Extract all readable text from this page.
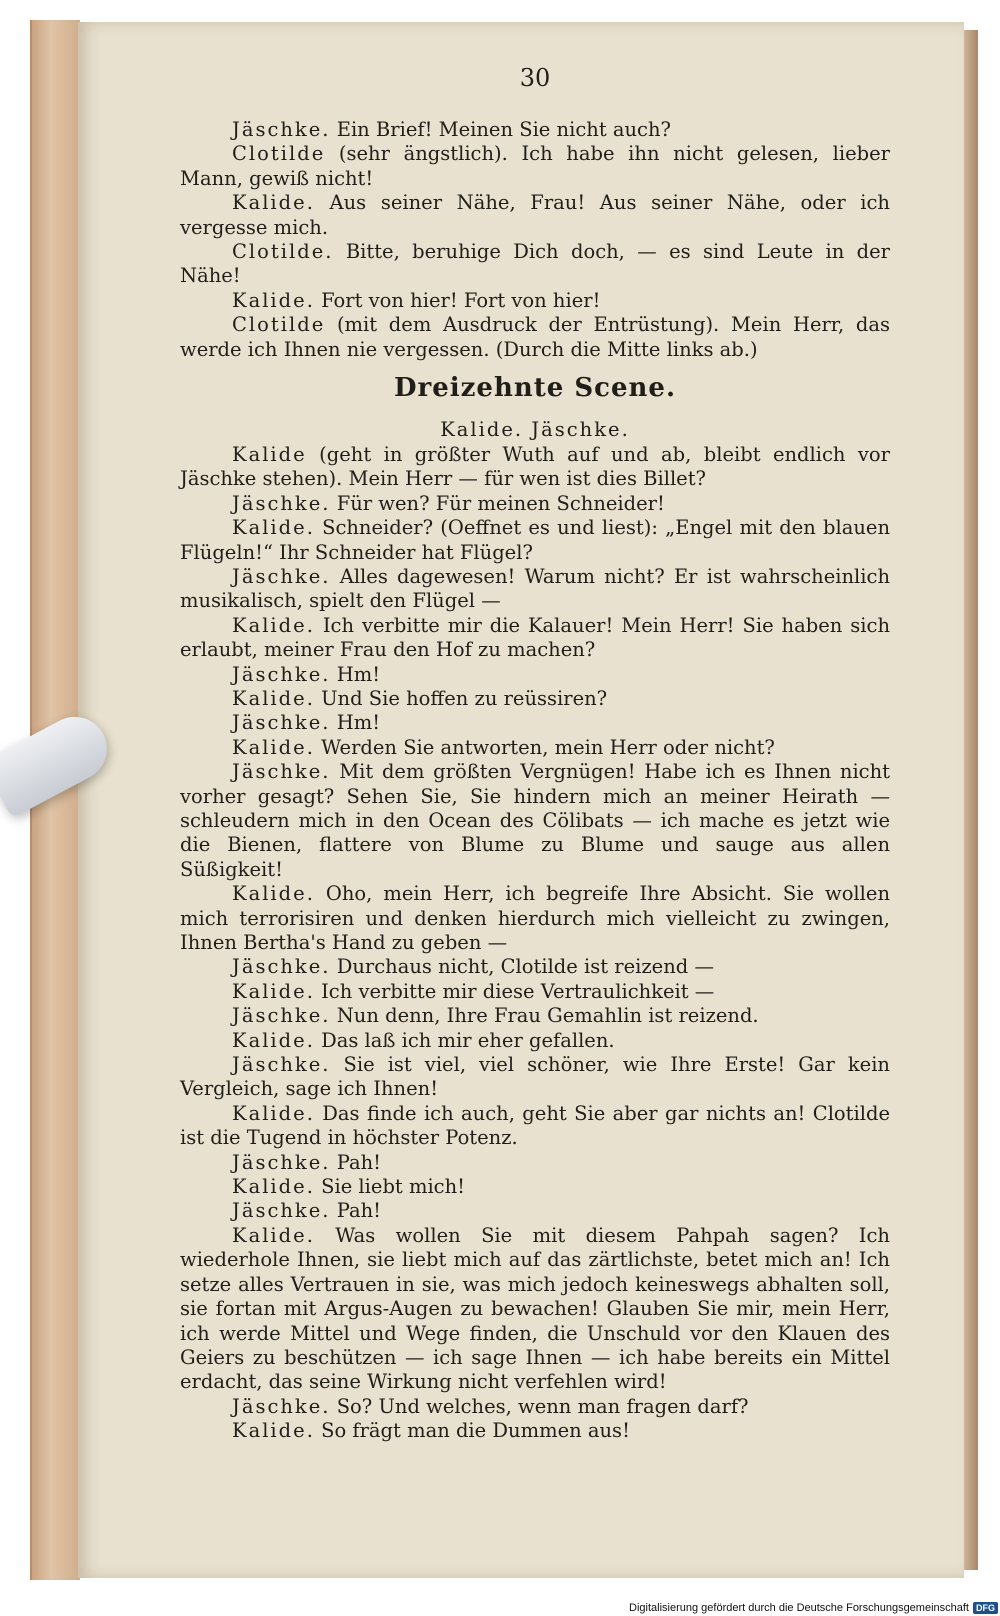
30

Jäschke. Ein Brief! Meinen Sie nicht auch?

Clotilde (sehr ängstlich). Ich habe ihn nicht gelesen, lieber Mann, gewiß nicht!

Kalide. Aus seiner Nähe, Frau! Aus seiner Nähe, oder ich vergesse mich.

Clotilde. Bitte, beruhige Dich doch, — es sind Leute in der Nähe!

Kalide. Fort von hier! Fort von hier!

Clotilde (mit dem Ausdruck der Entrüstung). Mein Herr, das werde ich Ihnen nie vergessen. (Durch die Mitte links ab.)

Dreizehnte Scene.

Kalide. Jäschke.

Kalide (geht in größter Wuth auf und ab, bleibt endlich vor Jäschke stehen). Mein Herr — für wen ist dies Billet?

Jäschke. Für wen? Für meinen Schneider!

Kalide. Schneider? (Oeffnet es und liest): „Engel mit den blauen Flügeln!“ Ihr Schneider hat Flügel?

Jäschke. Alles dagewesen! Warum nicht? Er ist wahrscheinlich musikalisch, spielt den Flügel —

Kalide. Ich verbitte mir die Kalauer! Mein Herr! Sie haben sich erlaubt, meiner Frau den Hof zu machen?

Jäschke. Hm!

Kalide. Und Sie hoffen zu reüssiren?

Jäschke. Hm!

Kalide. Werden Sie antworten, mein Herr oder nicht?

Jäschke. Mit dem größten Vergnügen! Habe ich es Ihnen nicht vorher gesagt? Sehen Sie, Sie hindern mich an meiner Heirath — schleudern mich in den Ocean des Cölibats — ich mache es jetzt wie die Bienen, flattere von Blume zu Blume und sauge aus allen Süßigkeit!

Kalide. Oho, mein Herr, ich begreife Ihre Absicht. Sie wollen mich terrorisiren und denken hierdurch mich vielleicht zu zwingen, Ihnen Bertha's Hand zu geben —

Jäschke. Durchaus nicht, Clotilde ist reizend —

Kalide. Ich verbitte mir diese Vertraulichkeit —

Jäschke. Nun denn, Ihre Frau Gemahlin ist reizend.

Kalide. Das laß ich mir eher gefallen.

Jäschke. Sie ist viel, viel schöner, wie Ihre Erste! Gar kein Vergleich, sage ich Ihnen!

Kalide. Das finde ich auch, geht Sie aber gar nichts an! Clotilde ist die Tugend in höchster Potenz.

Jäschke. Pah!

Kalide. Sie liebt mich!

Jäschke. Pah!

Kalide. Was wollen Sie mit diesem Pahpah sagen? Ich wiederhole Ihnen, sie liebt mich auf das zärtlichste, betet mich an! Ich setze alles Vertrauen in sie, was mich jedoch keineswegs abhalten soll, sie fortan mit Argus-Augen zu bewachen! Glauben Sie mir, mein Herr, ich werde Mittel und Wege finden, die Unschuld vor den Klauen des Geiers zu beschützen — ich sage Ihnen — ich habe bereits ein Mittel erdacht, das seine Wirkung nicht verfehlen wird!

Jäschke. So? Und welches, wenn man fragen darf?

Kalide. So frägt man die Dummen aus!

Digitalisierung gefördert durch die Deutsche Forschungsgemeinschaft DFG
